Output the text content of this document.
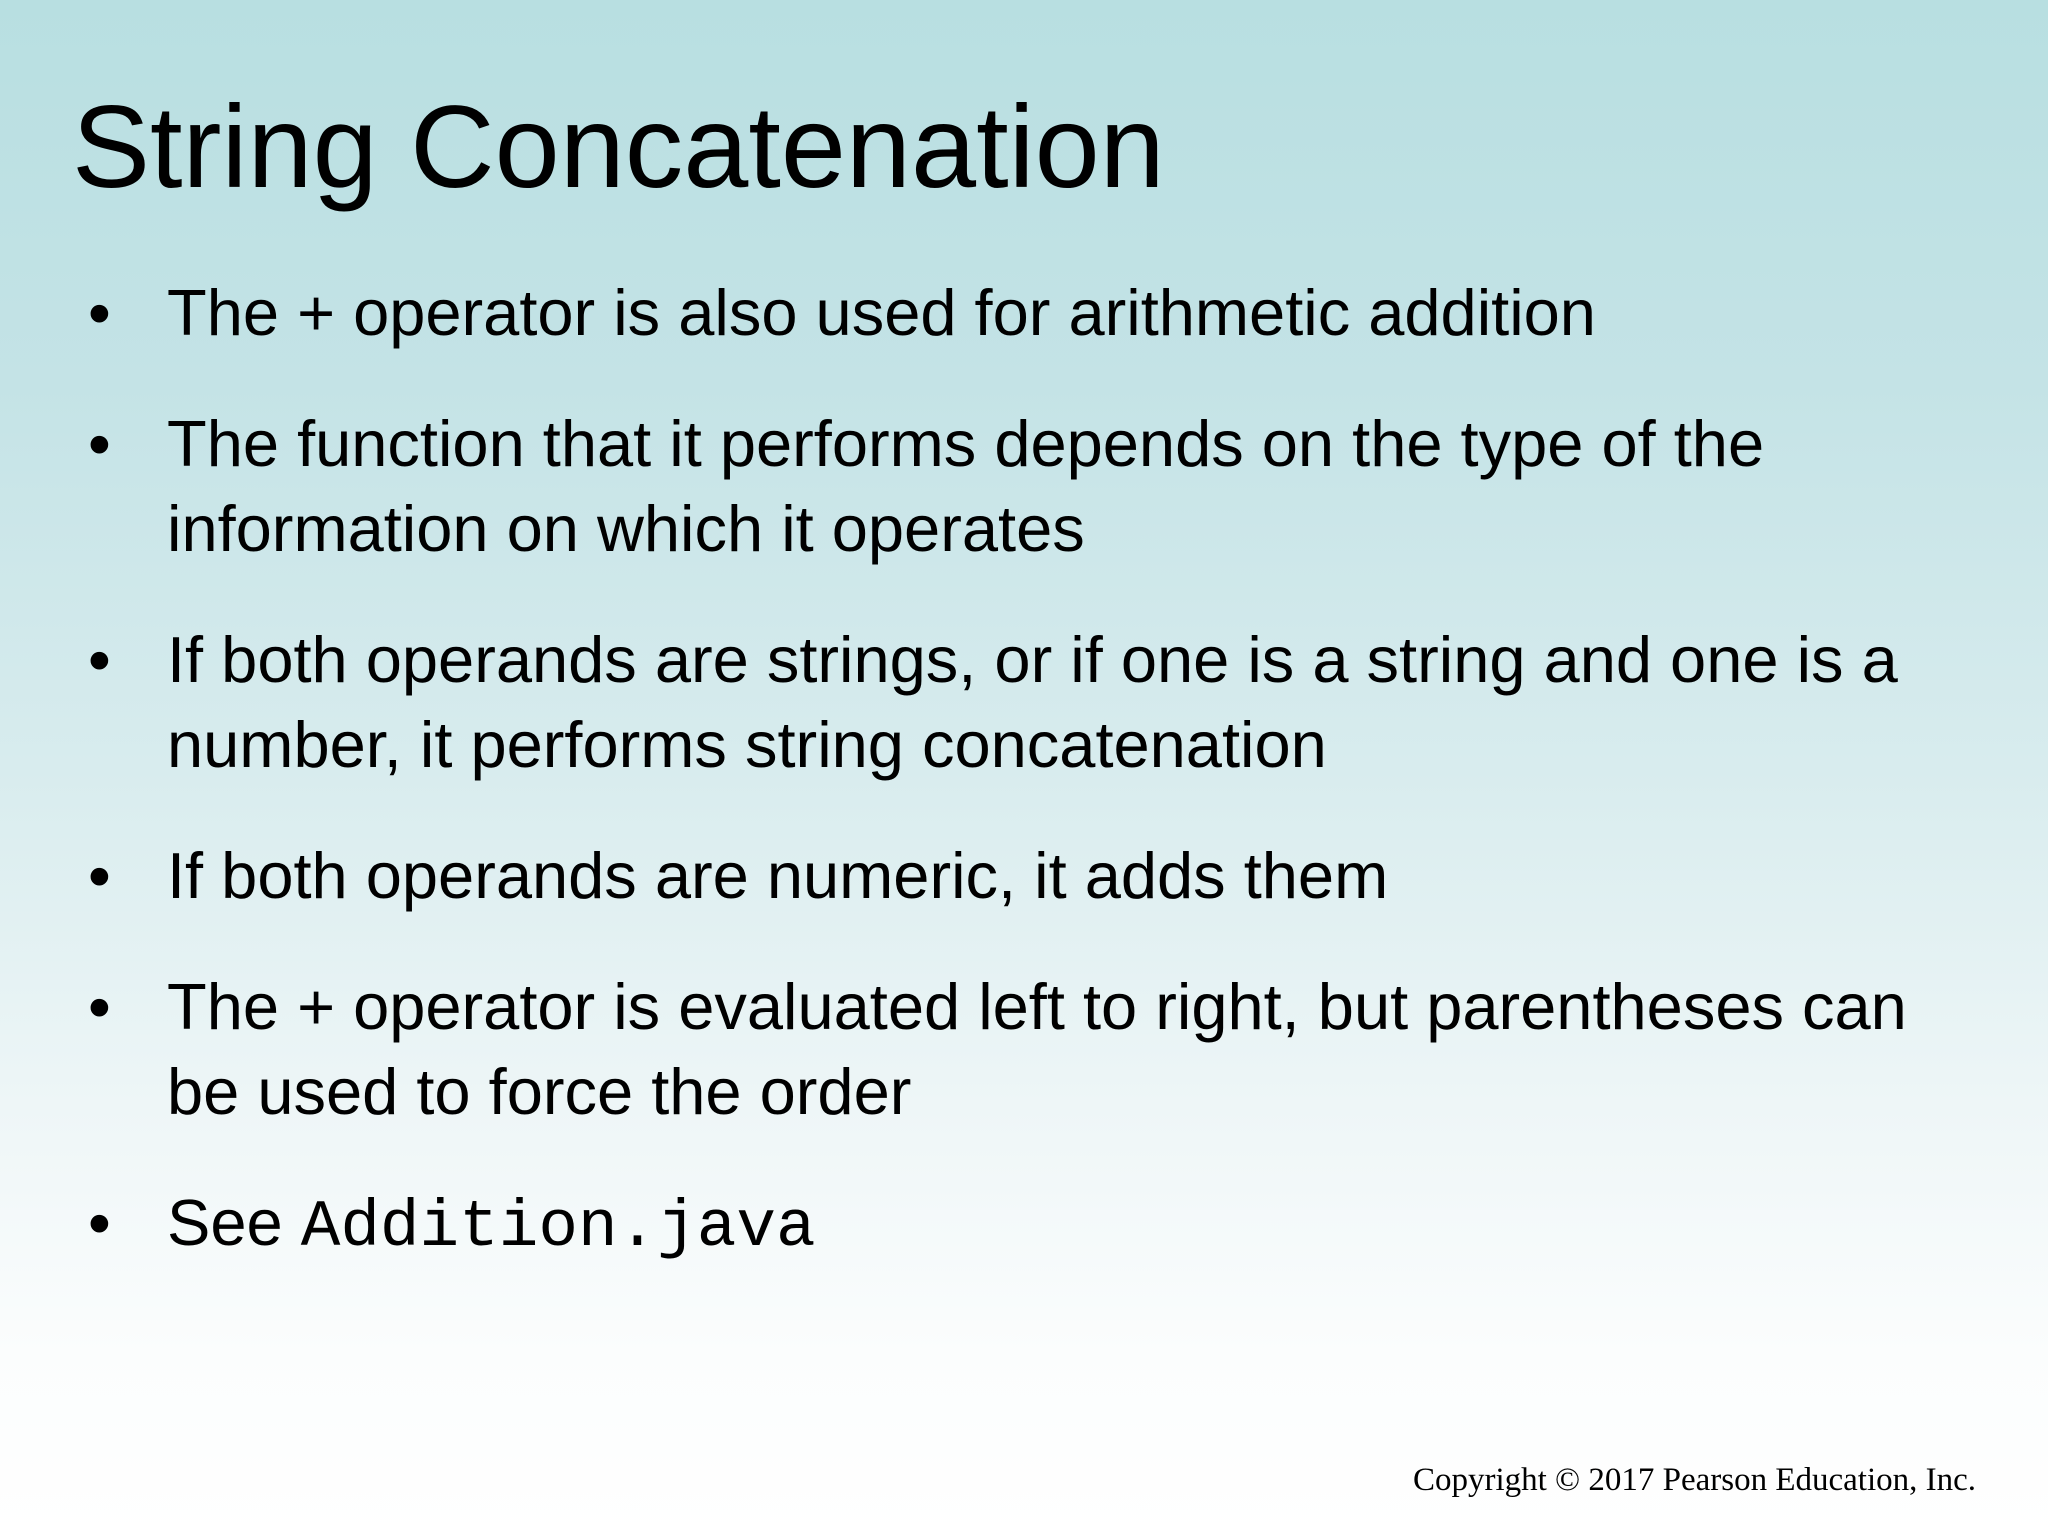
String Concatenation
• The + operator is also used for arithmetic addition
• The function that it performs depends on the type of the information on which it operates
• If both operands are strings, or if one is a string and one is a number, it performs string concatenation
• If both operands are numeric, it adds them
• The + operator is evaluated left to right, but parentheses can be used to force the order
• See Addition.java
Copyright © 2017 Pearson Education, Inc.
